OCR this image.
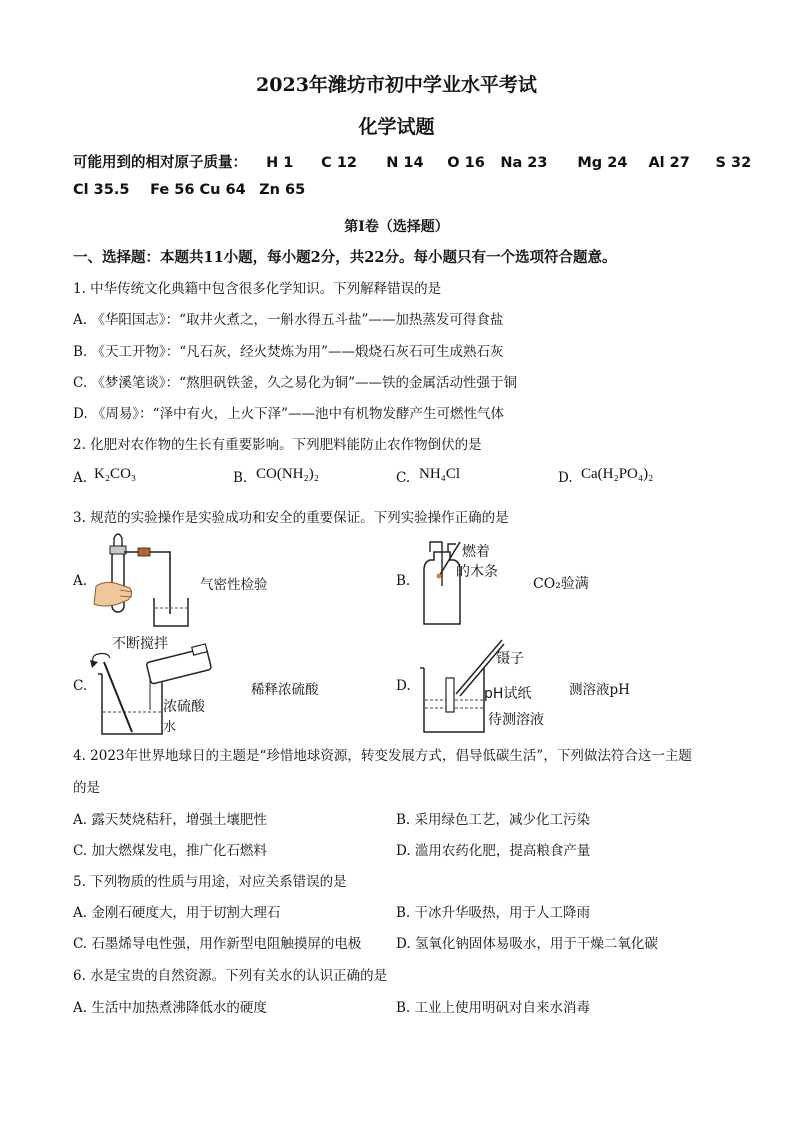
2023年潍坊市初中学业水平考试
化学试题
可能用到的相对原子质量： H 1 C 12 N 14 O 16 Na 23 Mg 24 Al 27 S 32
Cl 35.5 Fe 56 Cu 64 Zn 65
第Ⅰ卷（选择题）
一、选择题：本题共11小题，每小题2分，共22分。每小题只有一个选项符合题意。
1. 中华传统文化典籍中包含很多化学知识。下列解释错误的是
A. 《华阳国志》：“取井火煮之，一斛水得五斗盐”——加热蒸发可得食盐
B. 《天工开物》：“凡石灰，经火焚炼为用”——煅烧石灰石可生成熟石灰
C. 《梦溪笔谈》：“熬胆矾铁釜，久之易化为铜”——铁的金属活动性强于铜
D. 《周易》：“泽中有火，上火下泽”——池中有机物发酵产生可燃性气体
2. 化肥对农作物的生长有重要影响。下列肥料能防止农作物倒伏的是
A. K₂CO₃	B. CO(NH₂)₂	C. NH₄Cl	D. Ca(H₂PO₄)₂
3. 规范的实验操作是实验成功和安全的重要保证。下列实验操作正确的是
A.	气密性检验	B.
燃着
的木条
CO₂验满
不断搅拌
C.
浓硫酸
水
稀释浓硫酸	D.
镊子
pH试纸
待测溶液
测溶液pH
4. 2023年世界地球日的主题是“珍惜地球资源，转变发展方式，倡导低碳生活”，下列做法符合这一主题
的是
A. 露天焚烧秸秆，增强土壤肥性	B. 采用绿色工艺，减少化工污染
C. 加大燃煤发电，推广化石燃料	D. 滥用农药化肥，提高粮食产量
5. 下列物质的性质与用途，对应关系错误的是
A. 金刚石硬度大，用于切割大理石	B. 干冰升华吸热，用于人工降雨
C. 石墨烯导电性强，用作新型电阻触摸屏的电极	D. 氢氧化钠固体易吸水，用于干燥二氧化碳
6. 水是宝贵的自然资源。下列有关水的认识正确的是
A. 生活中加热煮沸降低水的硬度	B. 工业上使用明矾对自来水消毒
